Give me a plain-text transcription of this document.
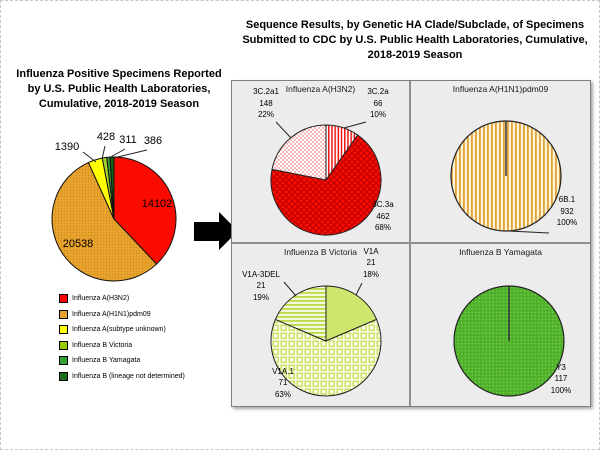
Influenza Positive Specimens Reported by U.S. Public Health Laboratories, Cumulative, 2018-2019 Season
1390
428 311 386
14102
20538
Influenza A(H3N2)
Influenza A(H1N1)pdm09
Influenza A(subtype unknown)
Influenza B Victoria
Influenza B Yamagata
Influenza B (lineage not determined)
Sequence Results, by Genetic HA Clade/Subclade, of Specimens Submitted to CDC by U.S. Public Health Laboratories, Cumulative, 2018-2019 Season
Influenza A(H3N2)
3C.2a1
148
22%
3C.2a
66
10%
3C.3a
462
68%
Influenza A(H1N1)pdm09
6B.1
932
100%
Influenza B Victoria V1A
21
18%
V1A-3DEL
21
19%
V1A.1
71
63%
Influenza B Yamagata
Y3
117
100%
